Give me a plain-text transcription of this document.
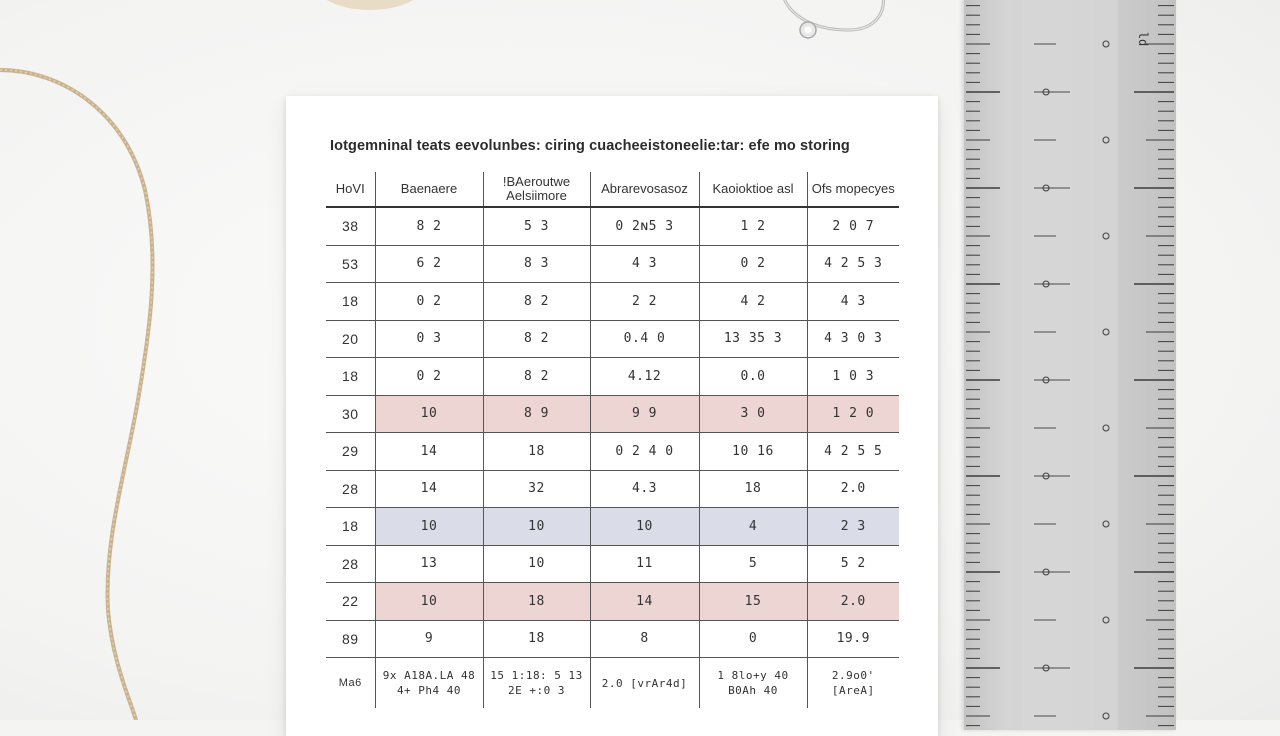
Iotgemninal teats eevolunbes: ciring cuacheeistoneelie:tar: efe mo storing
HoVI	Baenaere	!BAeroutwe Aelsiimore	Abrarevosasoz	Kaoioktioe asl	Ofs mopecyes
38	8 2	5 3	0 2ɴ5 3	1 2	2 0 7
53	6 2	8 3	4 3	0 2	4 2 5 3
18	0 2	8 2	2 2	4 2	4 3
20	0 3	8 2	0.4 0	13 35 3	4 3 0 3
18	0 2	8 2	4.12	0.0	1 0 3
30	10	8 9	9 9	3 0	1 2 0
29	14	18	0 2 4 0	10 16	4 2 5 5
28	14	32	4.3	18	2.0
18	10	10	10	4	2 3
28	13	10	11	5	5 2
22	10	18	14	15	2.0
89	9	18	8	0	19.9
Ma6	9x A18A.LA 48 4+ Ph4 40	15 1:18: 5 13 2E +:0 3	2.0 [vrAr4d]	1 8lo+y 40 B0Ah 40	2.9o0' [AreA]
ld
